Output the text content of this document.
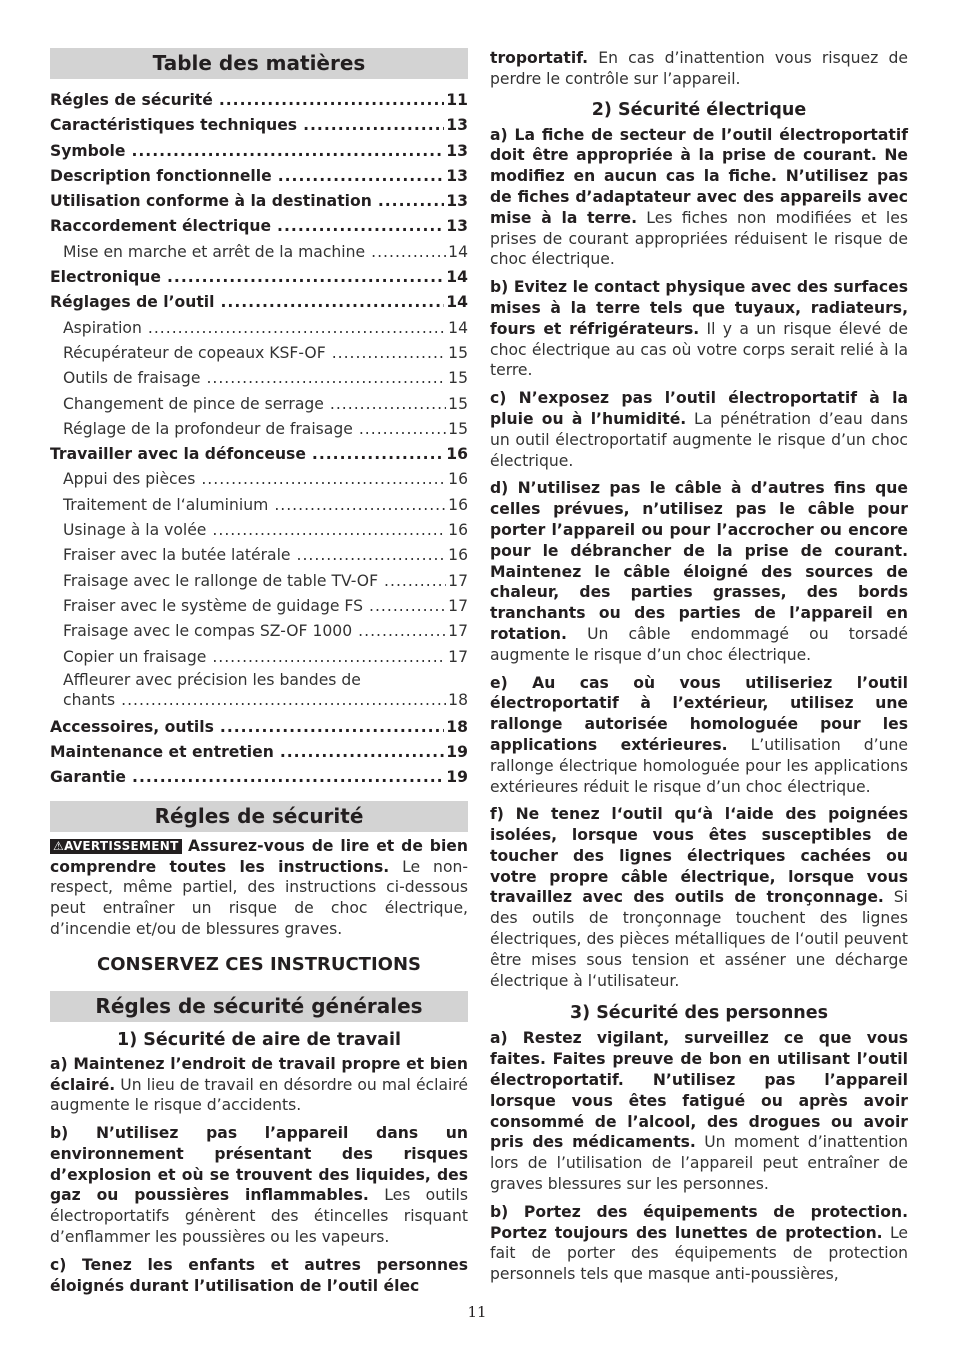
Table des matières
Régles de sécurité .....	11
Caractéristiques techniques .....	13
Symbole .....	13
Description fonctionnelle .....	13
Utilisation conforme à la destination .....	13
Raccordement électrique .....	13
Mise en marche et arrêt de la machine .....	14
Electronique .....	14
Réglages de l’outil .....	14
Aspiration .....	14
Récupérateur de copeaux KSF-OF .....	15
Outils de fraisage .....	15
Changement de pince de serrage .....	15
Réglage de la profondeur de fraisage .....	15
Travailler avec la défonceuse .....	16
Appui des pièces .....	16
Traitement de l‘aluminium .....	16
Usinage à la volée .....	16
Fraiser avec la butée latérale .....	16
Fraisage avec le rallonge de table TV-OF .....	17
Fraiser avec le système de guidage FS .....	17
Fraisage avec le compas SZ-OF 1000 .....	17
Copier un fraisage .....	17
Affleurer avec précision les bandes de
chants .....	18
Accessoires, outils .....	18
Maintenance et entretien .....	19
Garantie .....	19
Régles de sécurité

⚠AVERTISSEMENT Assurez-vous de lire et de bien comprendre toutes les instructions. Le non-respect, même partiel, des instructions ci-dessous peut entraîner un risque de choc électrique, d’incendie et/ou de blessures graves.

CONSERVEZ CES INSTRUCTIONS

Régles de sécurité générales

1) Sécurité de aire de travail

a) Maintenez l’endroit de travail propre et bien éclairé. Un lieu de travail en désordre ou mal éclairé augmente le risque d’accidents.

b) N’utilisez pas l’appareil dans un environnement présentant des risques d’explosion et où se trouvent des liquides, des gaz ou poussières inflammables. Les outils électroportatifs génèrent des étincelles risquant d’enflammer les poussières ou les vapeurs.

c) Tenez les enfants et autres personnes éloignés durant l’utilisation de l’outil élec

troportatif. En cas d’inattention vous risquez de perdre le contrôle sur l’appareil.

2) Sécurité électrique

a) La fiche de secteur de l’outil électroportatif doit être appropriée à la prise de courant. Ne modifiez en aucun cas la fiche. N’utilisez pas de fiches d’adaptateur avec des appareils avec mise à la terre. Les fiches non modifiées et les prises de courant appropriées réduisent le risque de choc électrique.

b) Evitez le contact physique avec des surfaces mises à la terre tels que tuyaux, radiateurs, fours et réfrigérateurs. Il y a un risque élevé de choc électrique au cas où votre corps serait relié à la terre.

c) N’exposez pas l’outil électroportatif à la pluie ou à l’humidité. La pénétration d’eau dans un outil électroportatif augmente le risque d’un choc électrique.

d) N’utilisez pas le câble à d’autres fins que celles prévues, n’utilisez pas le câble pour porter l’appareil ou pour l’accrocher ou encore pour le débrancher de la prise de courant. Maintenez le câble éloigné des sources de chaleur, des parties grasses, des bords tranchants ou des parties de l’appareil en rotation. Un câble endommagé ou torsadé augmente le risque d’un choc électrique.

e) Au cas où vous utiliseriez l’outil électroportatif à l’extérieur, utilisez une rallonge autorisée homologuée pour les applications extérieures. L’utilisation d’une rallonge électrique homologuée pour les applications extérieures réduit le risque d’un choc électrique.

f) Ne tenez l‘outil qu‘à l‘aide des poignées isolées, lorsque vous êtes susceptibles de toucher des lignes électriques cachées ou votre propre câble électrique, lorsque vous travaillez avec des outils de tronçonnage. Si des outils de tronçonnage touchent des lignes électriques, des pièces métalliques de l‘outil peuvent être mises sous tension et asséner une décharge électrique à l‘utilisateur.

3) Sécurité des personnes

a) Restez vigilant, surveillez ce que vous faites. Faites preuve de bon en utilisant l’outil électroportatif. N’utilisez pas l’appareil lorsque vous êtes fatigué ou après avoir consommé de l’alcool, des drogues ou avoir pris des médicaments. Un moment d’inattention lors de l’utilisation de l’appareil peut entraîner de graves blessures sur les personnes.

b) Portez des équipements de protection. Portez toujours des lunettes de protection. Le fait de porter des équipements de protection personnels tels que masque anti-poussières,

11
